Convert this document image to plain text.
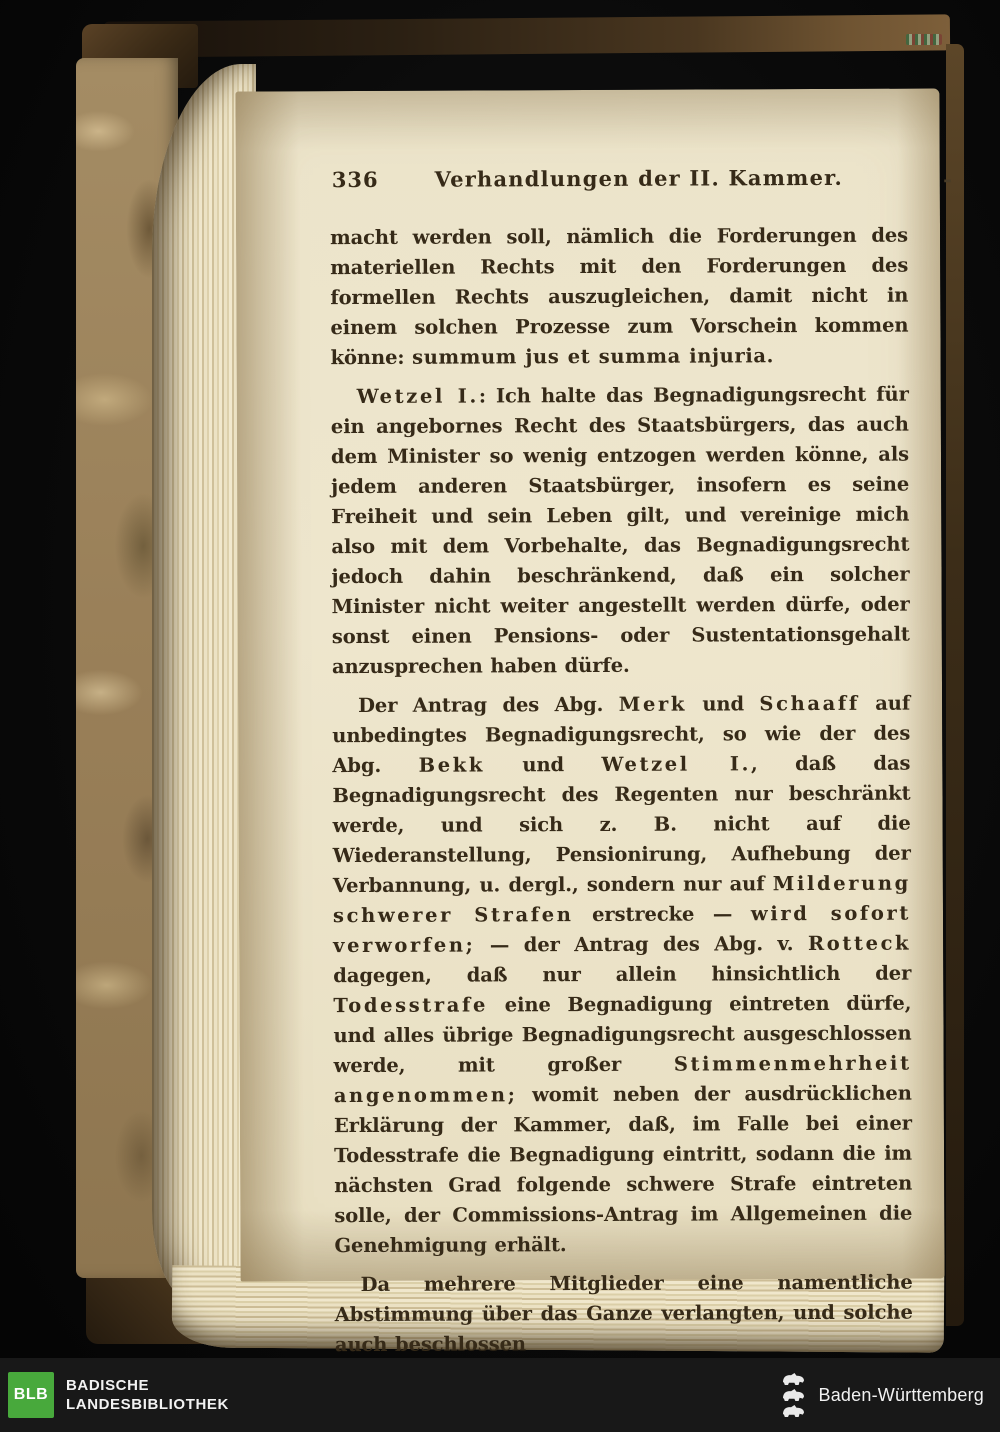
336	Verhandlungen der II. Kammer.	-

macht werden soll, nämlich die Forderungen des materiellen Rechts mit den Forderungen des formellen Rechts auszugleichen, damit nicht in einem solchen Prozesse zum Vorschein kommen könne: summum jus et summa injuria.

Wetzel I.: Ich halte das Begnadigungsrecht für ein angebornes Recht des Staatsbürgers, das auch dem Minister so wenig entzogen werden könne, als jedem anderen Staatsbürger, insofern es seine Freiheit und sein Leben gilt, und vereinige mich also mit dem Vorbehalte, das Begnadigungsrecht jedoch dahin beschränkend, daß ein solcher Minister nicht weiter angestellt werden dürfe, oder sonst einen Pensions- oder Sustentationsgehalt anzusprechen haben dürfe.

Der Antrag des Abg. Merk und Schaaff auf unbedingtes Begnadigungsrecht, so wie der des Abg. Bekk und Wetzel I., daß das Begnadigungsrecht des Regenten nur beschränkt werde, und sich z. B. nicht auf die Wiederanstellung, Pensionirung, Aufhebung der Verbannung, u. dergl., sondern nur auf Milderung schwerer Strafen erstrecke — wird sofort verworfen; — der Antrag des Abg. v. Rotteck dagegen, daß nur allein hinsichtlich der Todesstrafe eine Begnadigung eintreten dürfe, und alles übrige Begnadigungsrecht ausgeschlossen werde, mit großer Stimmenmehrheit angenommen; womit neben der ausdrücklichen Erklärung der Kammer, daß, im Falle bei einer Todesstrafe die Begnadigung eintritt, sodann die im nächsten Grad folgende schwere Strafe eintreten solle, der Commissions-Antrag im Allgemeinen die Genehmigung erhält.

Da mehrere Mitglieder eine namentliche Abstimmung über das Ganze verlangten, und solche auch beschlossen

BLB
BADISCHE
LANDESBIBLIOTHEK	Baden-Württemberg
